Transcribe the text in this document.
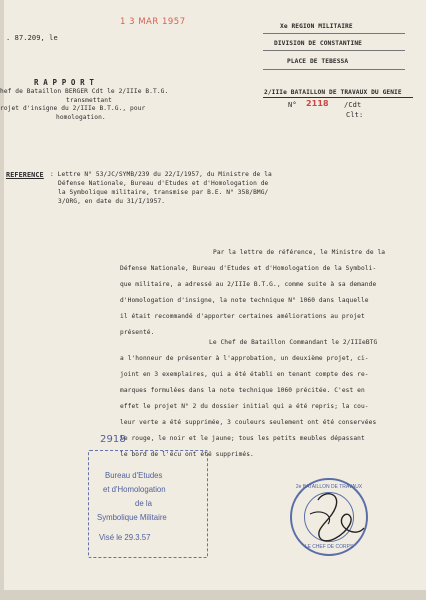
. 87.209, le
1 3 MAR 1957	Xe REGION MILITAIRE
DIVISION DE CONSTANTINE
PLACE DE TEBESSA
2/IIIe BATAILLON DE TRAVAUX DU GENIE
N° 2118 /Cdt
Clt:
R A P P O R T
hef de Bataillon BERGER Cdt le 2/IIIe B.T.G.
transmettant
rojet d'insigne du 2/IIIe B.T.G., pour
homologation.
REFERENCE : Lettre N° 53/JC/SYMB/239 du 22/I/1957, du Ministre de la
Défense Nationale, Bureau d'Etudes et d'Homologation de
la Symbolique militaire, transmise par B.E. N° 358/BMG/
3/ORG, en date du 31/I/1957.
Par la lettre de référence, le Ministre de la
Défense Nationale, Bureau d'Etudes et d'Homologation de la Symboli-
que militaire, a adressé au 2/IIIe B.T.G., comme suite à sa demande
d'Homologation d'insigne, la note technique N° 1060 dans laquelle
il était recommandé d'apporter certaines améliorations au projet
présenté.
Le Chef de Bataillon Commandant le 2/IIIeBTG
a l'honneur de présenter à l'approbation, un deuxième projet, ci-
joint en 3 exemplaires, qui a été établi en tenant compte des re-
marques formulées dans la note technique 1060 précitée. C'est en
effet le projet N° 2 du dossier initial qui a été repris; la cou-
leur verte a été supprimée, 3 couleurs seulement ont été conservées
le rouge, le noir et le jaune; tous les petits meubles dépassant
le bord de l'écu ont été supprimés.
2918
Bureau d'Etudes
et d'Homologation
de la
Symbolique Militaire
Visé le 29.3.57
2e BATAILLON DE TRAVAUX
LE CHEF DE CORPS
